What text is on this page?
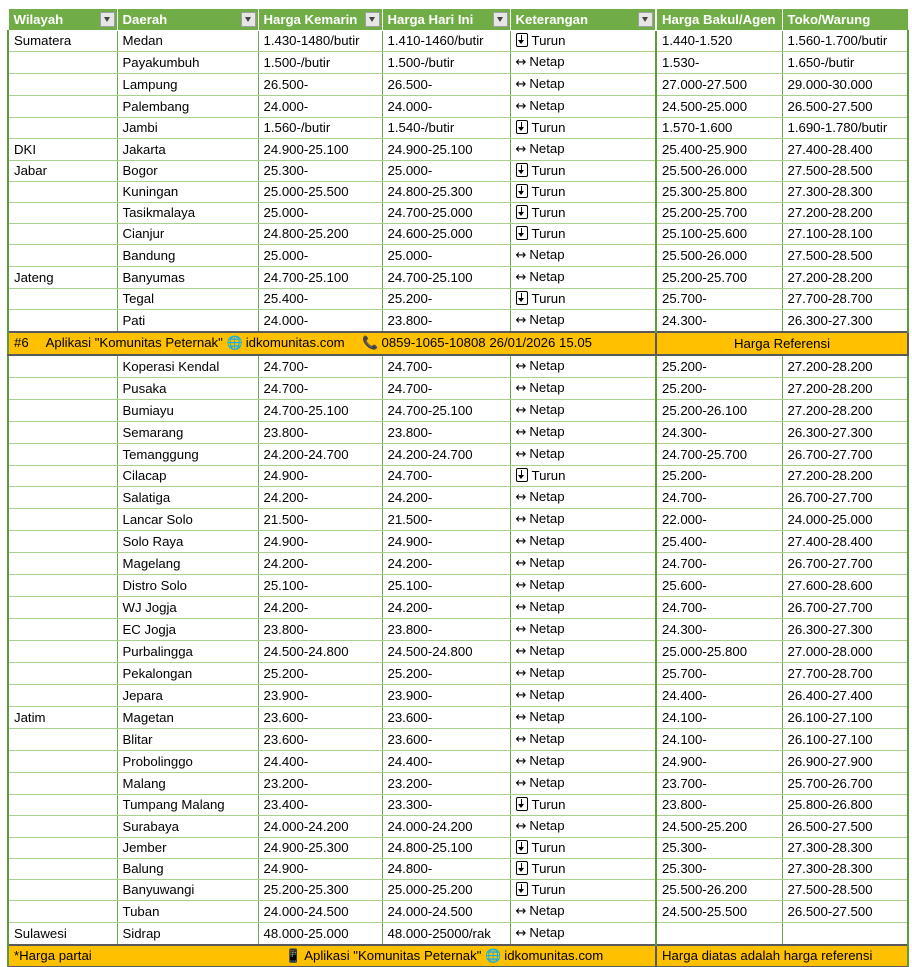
Wilayah	Daerah	Harga Kemarin	Harga Hari Ini	Keterangan	Harga Bakul/Agen	Toko/Warung
Sumatera	Medan	1.430-1480/butir	1.410-1460/butir	Turun	1.440-1.520	1.560-1.700/butir
	Payakumbuh	1.500-/butir	1.500-/butir	↔ Netap	1.530-	1.650-/butir
	Lampung	26.500-	26.500-	↔ Netap	27.000-27.500	29.000-30.000
	Palembang	24.000-	24.000-	↔ Netap	24.500-25.000	26.500-27.500
	Jambi	1.560-/butir	1.540-/butir	Turun	1.570-1.600	1.690-1.780/butir
DKI	Jakarta	24.900-25.100	24.900-25.100	↔ Netap	25.400-25.900	27.400-28.400
Jabar	Bogor	25.300-	25.000-	Turun	25.500-26.000	27.500-28.500
	Kuningan	25.000-25.500	24.800-25.300	Turun	25.300-25.800	27.300-28.300
	Tasikmalaya	25.000-	24.700-25.000	Turun	25.200-25.700	27.200-28.200
	Cianjur	24.800-25.200	24.600-25.000	Turun	25.100-25.600	27.100-28.100
	Bandung	25.000-	25.000-	↔ Netap	25.500-26.000	27.500-28.500
Jateng	Banyumas	24.700-25.100	24.700-25.100	↔ Netap	25.200-25.700	27.200-28.200
	Tegal	25.400-	25.200-	Turun	25.700-	27.700-28.700
	Pati	24.000-	23.800-	↔ Netap	24.300-	26.300-27.300
#6 Aplikasi "Komunitas Peternak" 🌐 idkomunitas.com 📞 0859-1065-10808 26/01/2026 15.05					Harga Referensi	
	Koperasi Kendal	24.700-	24.700-	↔ Netap	25.200-	27.200-28.200
	Pusaka	24.700-	24.700-	↔ Netap	25.200-	27.200-28.200
	Bumiayu	24.700-25.100	24.700-25.100	↔ Netap	25.200-26.100	27.200-28.200
	Semarang	23.800-	23.800-	↔ Netap	24.300-	26.300-27.300
	Temanggung	24.200-24.700	24.200-24.700	↔ Netap	24.700-25.700	26.700-27.700
	Cilacap	24.900-	24.700-	Turun	25.200-	27.200-28.200
	Salatiga	24.200-	24.200-	↔ Netap	24.700-	26.700-27.700
	Lancar Solo	21.500-	21.500-	↔ Netap	22.000-	24.000-25.000
	Solo Raya	24.900-	24.900-	↔ Netap	25.400-	27.400-28.400
	Magelang	24.200-	24.200-	↔ Netap	24.700-	26.700-27.700
	Distro Solo	25.100-	25.100-	↔ Netap	25.600-	27.600-28.600
	WJ Jogja	24.200-	24.200-	↔ Netap	24.700-	26.700-27.700
	EC Jogja	23.800-	23.800-	↔ Netap	24.300-	26.300-27.300
	Purbalingga	24.500-24.800	24.500-24.800	↔ Netap	25.000-25.800	27.000-28.000
	Pekalongan	25.200-	25.200-	↔ Netap	25.700-	27.700-28.700
	Jepara	23.900-	23.900-	↔ Netap	24.400-	26.400-27.400
Jatim	Magetan	23.600-	23.600-	↔ Netap	24.100-	26.100-27.100
	Blitar	23.600-	23.600-	↔ Netap	24.100-	26.100-27.100
	Probolinggo	24.400-	24.400-	↔ Netap	24.900-	26.900-27.900
	Malang	23.200-	23.200-	↔ Netap	23.700-	25.700-26.700
	Tumpang Malang	23.400-	23.300-	Turun	23.800-	25.800-26.800
	Surabaya	24.000-24.200	24.000-24.200	↔ Netap	24.500-25.200	26.500-27.500
	Jember	24.900-25.300	24.800-25.100	Turun	25.300-	27.300-28.300
	Balung	24.900-	24.800-	Turun	25.300-	27.300-28.300
	Banyuwangi	25.200-25.300	25.000-25.200	Turun	25.500-26.200	27.500-28.500
	Tuban	24.000-24.500	24.000-24.500	↔ Netap	24.500-25.500	26.500-27.500
Sulawesi	Sidrap	48.000-25.000	48.000-25000/rak	↔ Netap		
*Harga partai 📱 Aplikasi "Komunitas Peternak" 🌐 idkomunitas.com					Harga diatas adalah harga referensi	
